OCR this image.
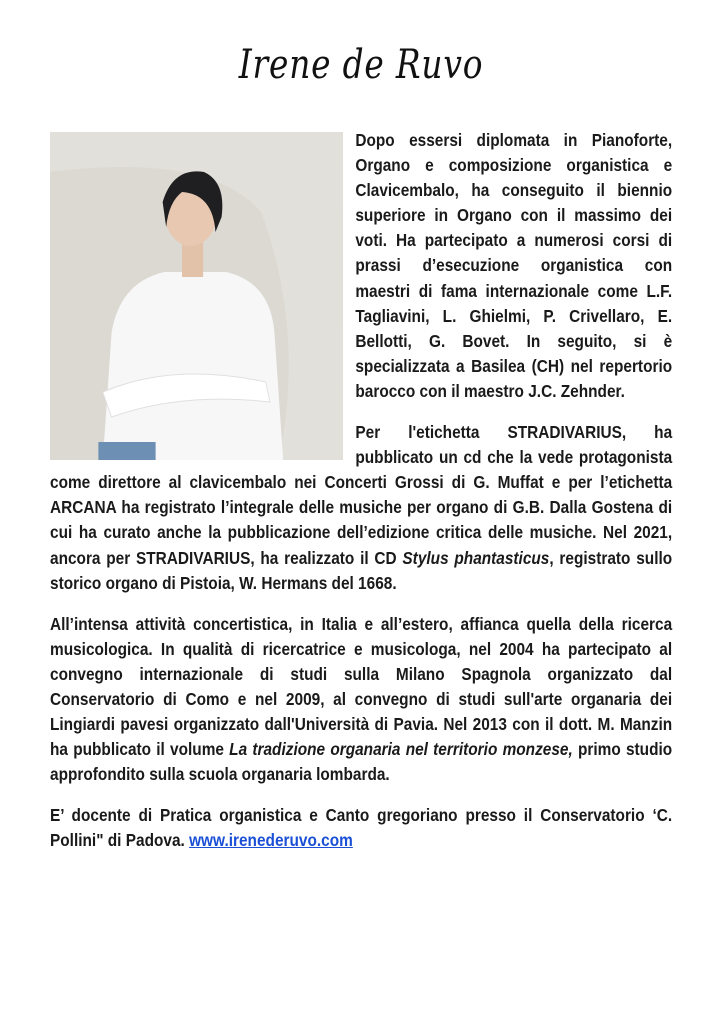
Irene de Ruvo

Dopo essersi diplomata in Pianoforte, Organo e composizione organistica e Clavicembalo, ha conseguito il biennio superiore in Organo con il massimo dei voti. Ha partecipato a numerosi corsi di prassi d’esecuzione organistica con maestri di fama internazionale come L.F. Tagliavini, L. Ghielmi, P. Crivellaro, E. Bellotti, G. Bovet. In seguito, si è specializzata a Basilea (CH) nel repertorio barocco con il maestro J.C. Zehnder.

Per l'etichetta STRADIVARIUS, ha pubblicato un cd che la vede protagonista come direttore al clavicembalo nei Concerti Grossi di G. Muffat e per l’etichetta ARCANA ha registrato l’integrale delle musiche per organo di G.B. Dalla Gostena di cui ha curato anche la pubblicazione dell’edizione critica delle musiche. Nel 2021, ancora per STRADIVARIUS, ha realizzato il CD Stylus phantasticus, registrato sullo storico organo di Pistoia, W. Hermans del 1668.

All’intensa attività concertistica, in Italia e all’estero, affianca quella della ricerca musicologica. In qualità di ricercatrice e musicologa, nel 2004 ha partecipato al convegno internazionale di studi sulla Milano Spagnola organizzato dal Conservatorio di Como e nel 2009, al convegno di studi sull'arte organaria dei Lingiardi pavesi organizzato dall'Università di Pavia. Nel 2013 con il dott. M. Manzin ha pubblicato il volume La tradizione organaria nel territorio monzese, primo studio approfondito sulla scuola organaria lombarda.

E’ docente di Pratica organistica e Canto gregoriano presso il Conservatorio ‘C. Pollini" di Padova. www.irenederuvo.com
